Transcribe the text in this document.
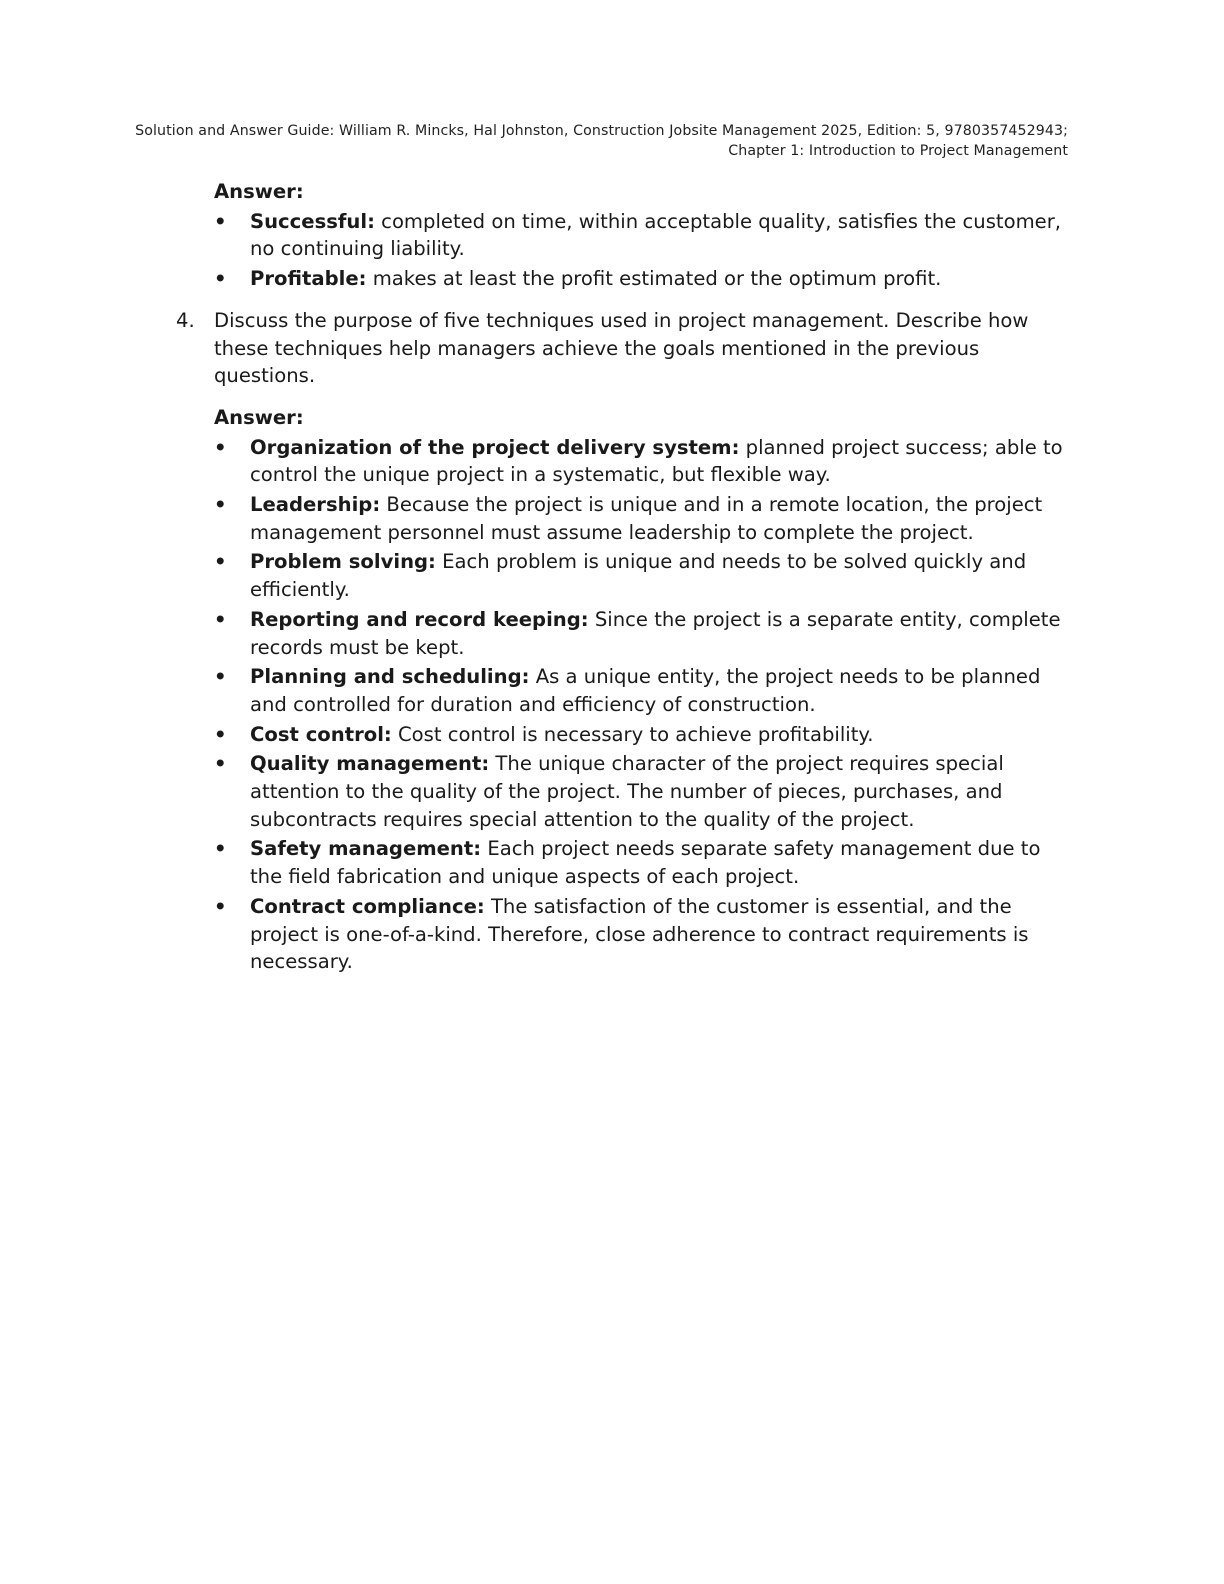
Solution and Answer Guide: William R. Mincks, Hal Johnston, Construction Jobsite Management 2025, Edition: 5, 9780357452943;
Chapter 1: Introduction to Project Management
Answer:
•	Successful: completed on time, within acceptable quality, satisfies the customer, no continuing liability.
•	Profitable: makes at least the profit estimated or the optimum profit.
4. Discuss the purpose of five techniques used in project management. Describe how these techniques help managers achieve the goals mentioned in the previous questions.
Answer:
•	Organization of the project delivery system: planned project success; able to control the unique project in a systematic, but flexible way.
•	Leadership: Because the project is unique and in a remote location, the project management personnel must assume leadership to complete the project.
•	Problem solving: Each problem is unique and needs to be solved quickly and efficiently.
•	Reporting and record keeping: Since the project is a separate entity, complete records must be kept.
•	Planning and scheduling: As a unique entity, the project needs to be planned and controlled for duration and efficiency of construction.
•	Cost control: Cost control is necessary to achieve profitability.
•	Quality management: The unique character of the project requires special attention to the quality of the project. The number of pieces, purchases, and subcontracts requires special attention to the quality of the project.
•	Safety management: Each project needs separate safety management due to the field fabrication and unique aspects of each project.
•	Contract compliance: The satisfaction of the customer is essential, and the project is one-of-a-kind. Therefore, close adherence to contract requirements is necessary.
